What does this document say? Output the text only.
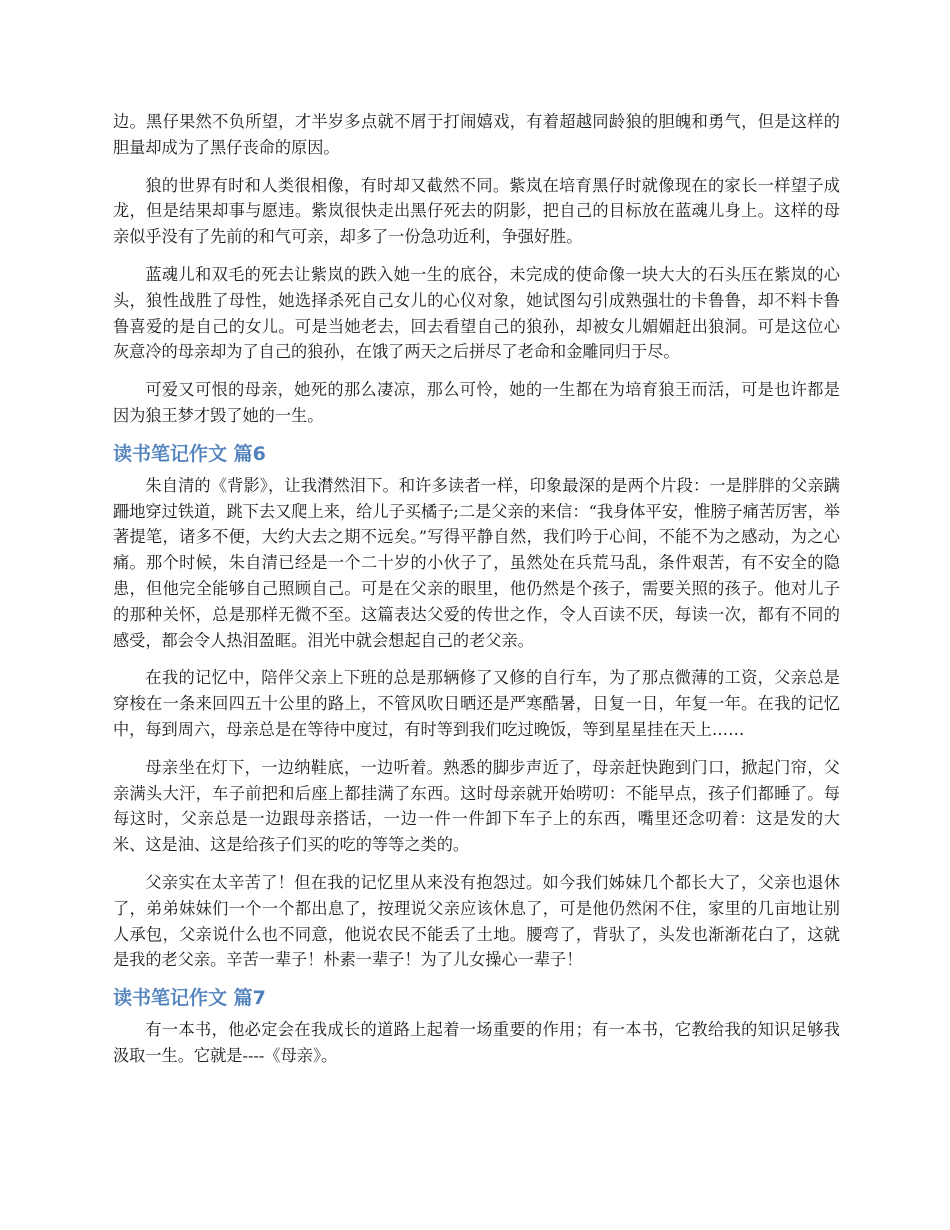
边。黑仔果然不负所望，才半岁多点就不屑于打闹嬉戏，有着超越同龄狼的胆魄和勇气，但是这样的胆量却成为了黑仔丧命的原因。

狼的世界有时和人类很相像，有时却又截然不同。紫岚在培育黑仔时就像现在的家长一样望子成龙，但是结果却事与愿违。紫岚很快走出黑仔死去的阴影，把自己的目标放在蓝魂儿身上。这样的母亲似乎没有了先前的和气可亲，却多了一份急功近利，争强好胜。

蓝魂儿和双毛的死去让紫岚的跌入她一生的底谷，未完成的使命像一块大大的石头压在紫岚的心头，狼性战胜了母性，她选择杀死自己女儿的心仪对象，她试图勾引成熟强壮的卡鲁鲁，却不料卡鲁鲁喜爱的是自己的女儿。可是当她老去，回去看望自己的狼孙，却被女儿媚媚赶出狼洞。可是这位心灰意冷的母亲却为了自己的狼孙，在饿了两天之后拼尽了老命和金雕同归于尽。

可爱又可恨的母亲，她死的那么凄凉，那么可怜，她的一生都在为培育狼王而活，可是也许都是因为狼王梦才毁了她的一生。

读书笔记作文 篇6

朱自清的《背影》，让我潸然泪下。和许多读者一样，印象最深的是两个片段：一是胖胖的父亲蹒跚地穿过铁道，跳下去又爬上来，给儿子买橘子;二是父亲的来信：“我身体平安，惟膀子痛苦厉害，举著提笔，诸多不便，大约大去之期不远矣。”写得平静自然，我们吟于心间，不能不为之感动，为之心痛。那个时候，朱自清已经是一个二十岁的小伙子了，虽然处在兵荒马乱，条件艰苦，有不安全的隐患，但他完全能够自己照顾自己。可是在父亲的眼里，他仍然是个孩子，需要关照的孩子。他对儿子的那种关怀，总是那样无微不至。这篇表达父爱的传世之作，令人百读不厌，每读一次，都有不同的感受，都会令人热泪盈眶。泪光中就会想起自己的老父亲。

在我的记忆中，陪伴父亲上下班的总是那辆修了又修的自行车，为了那点微薄的工资，父亲总是穿梭在一条来回四五十公里的路上，不管风吹日晒还是严寒酷暑，日复一日，年复一年。在我的记忆中，每到周六，母亲总是在等待中度过，有时等到我们吃过晚饭，等到星星挂在天上……

母亲坐在灯下，一边纳鞋底，一边听着。熟悉的脚步声近了，母亲赶快跑到门口，掀起门帘，父亲满头大汗，车子前把和后座上都挂满了东西。这时母亲就开始唠叨：不能早点，孩子们都睡了。每每这时，父亲总是一边跟母亲搭话，一边一件一件卸下车子上的东西，嘴里还念叨着：这是发的大米、这是油、这是给孩子们买的吃的等等之类的。

父亲实在太辛苦了！但在我的记忆里从来没有抱怨过。如今我们姊妹几个都长大了，父亲也退休了，弟弟妹妹们一个一个都出息了，按理说父亲应该休息了，可是他仍然闲不住，家里的几亩地让别人承包，父亲说什么也不同意，他说农民不能丢了土地。腰弯了，背驮了，头发也渐渐花白了，这就是我的老父亲。辛苦一辈子！朴素一辈子！为了儿女操心一辈子！

读书笔记作文 篇7

有一本书，他必定会在我成长的道路上起着一场重要的作用；有一本书，它教给我的知识足够我汲取一生。它就是----《母亲》。
